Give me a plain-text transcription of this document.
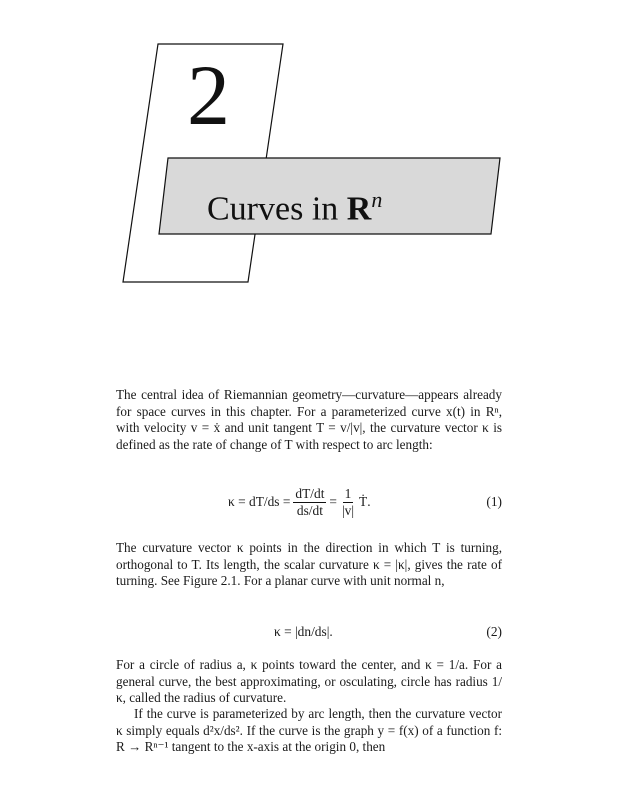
2
Curves in $R^n$

The central idea of Riemannian geometry—curvature—appears already for space curves in this chapter. For a parameterized curve x(t) in Rⁿ, with velocity v = ẋ and unit tangent T = v/|v|, the curvature vector κ is defined as the rate of change of T with respect to arc length:

$\kappa = dT/ds = \frac{dT/dt}{ds/dt} = \frac{1}{|v|}$ Ṫ.	(1)

The curvature vector κ points in the direction in which T is turning, orthogonal to T. Its length, the scalar curvature κ = |κ|, gives the rate of turning. See Figure 2.1. For a planar curve with unit normal n,

κ = |dn/ds|.	(2)

For a circle of radius a, κ points toward the center, and κ = 1/a. For a general curve, the best approximating, or osculating, circle has radius 1/κ, called the radius of curvature.

If the curve is parameterized by arc length, then the curvature vector κ simply equals d²x/ds². If the curve is the graph y = f(x) of a function f: R → Rⁿ⁻¹ tangent to the x-axis at the origin 0, then
